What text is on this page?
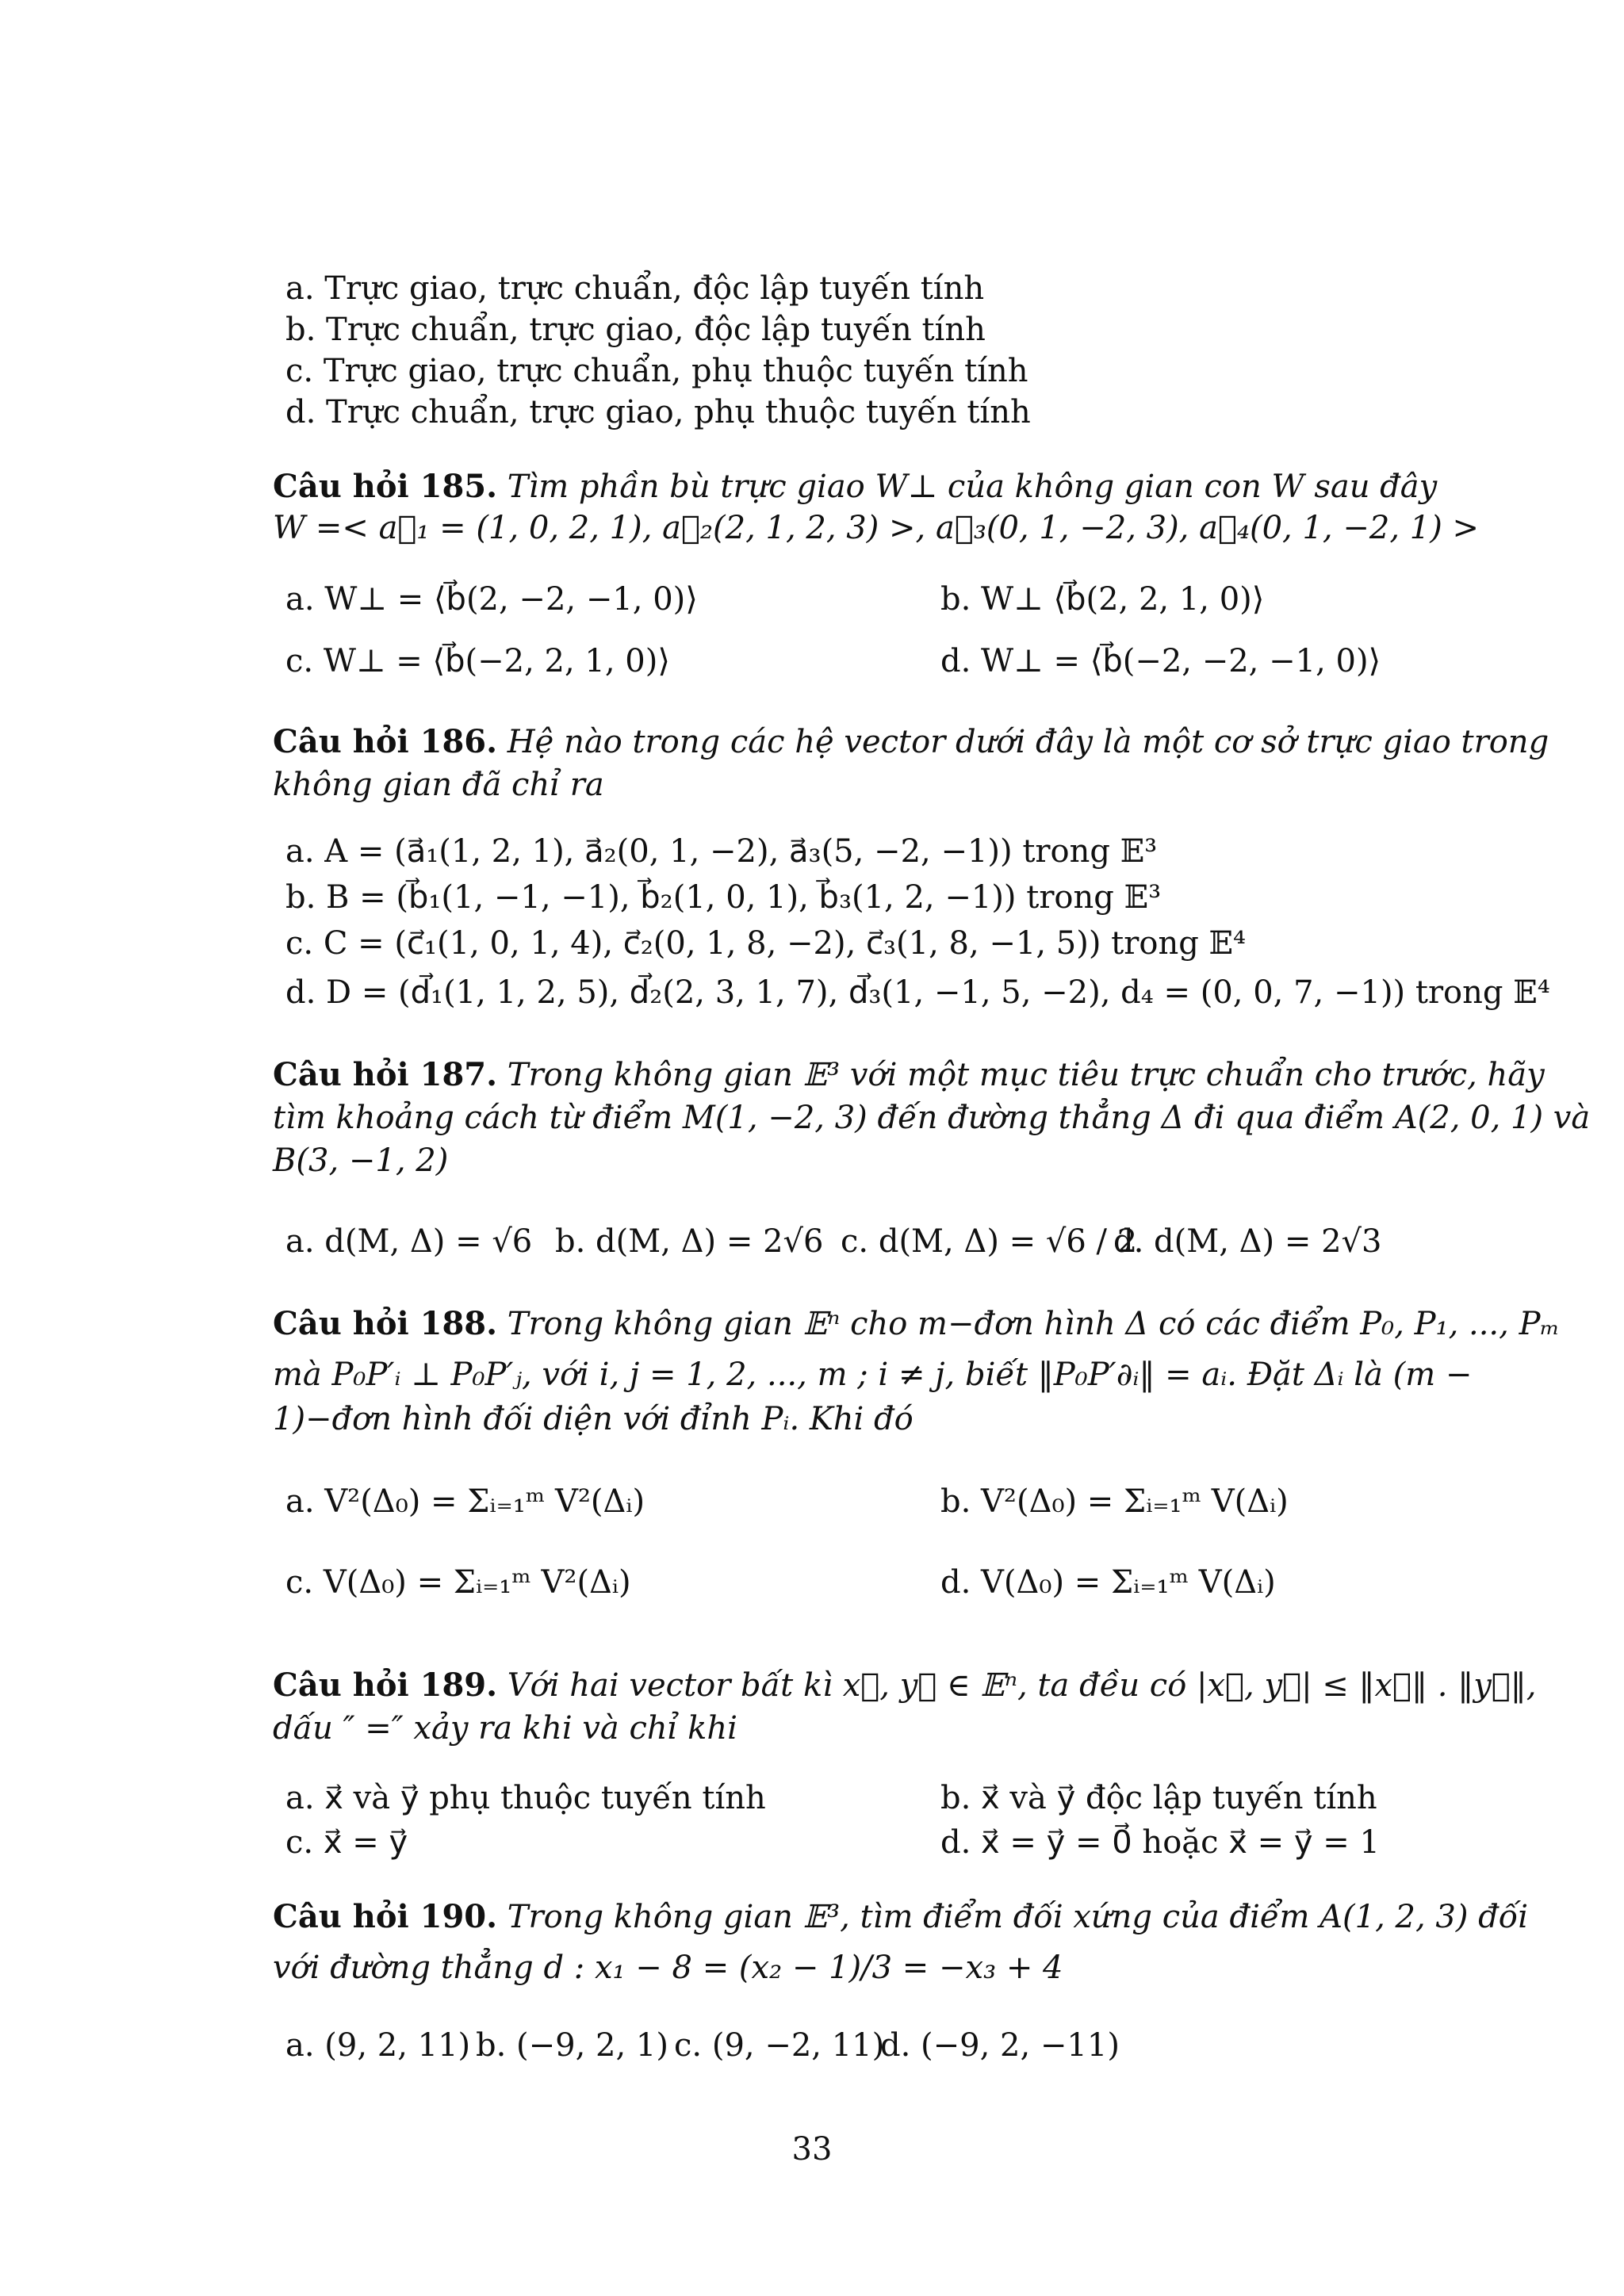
a. Trực giao, trực chuẩn, độc lập tuyến tính
b. Trực chuẩn, trực giao, độc lập tuyến tính
c. Trực giao, trực chuẩn, phụ thuộc tuyến tính
d. Trực chuẩn, trực giao, phụ thuộc tuyến tính
Câu hỏi 185. Tìm phần bù trực giao W⊥ của không gian con W sau đây
W =< a⃗₁ = (1, 0, 2, 1), a⃗₂(2, 1, 2, 3) >, a⃗₃(0, 1, −2, 3), a⃗₄(0, 1, −2, 1) >
a. W⊥ = ⟨b⃗(2, −2, −1, 0)⟩	b. W⊥ ⟨b⃗(2, 2, 1, 0)⟩
c. W⊥ = ⟨b⃗(−2, 2, 1, 0)⟩	d. W⊥ = ⟨b⃗(−2, −2, −1, 0)⟩
Câu hỏi 186. Hệ nào trong các hệ vector dưới đây là một cơ sở trực giao trong
không gian đã chỉ ra
a. A = (a⃗₁(1, 2, 1), a⃗₂(0, 1, −2), a⃗₃(5, −2, −1)) trong 𝔼³
b. B = (b⃗₁(1, −1, −1), b⃗₂(1, 0, 1), b⃗₃(1, 2, −1)) trong 𝔼³
c. C = (c⃗₁(1, 0, 1, 4), c⃗₂(0, 1, 8, −2), c⃗₃(1, 8, −1, 5)) trong 𝔼⁴
d. D = (d⃗₁(1, 1, 2, 5), d⃗₂(2, 3, 1, 7), d⃗₃(1, −1, 5, −2), d₄ = (0, 0, 7, −1)) trong 𝔼⁴
Câu hỏi 187. Trong không gian 𝔼³ với một mục tiêu trực chuẩn cho trước, hãy
tìm khoảng cách từ điểm M(1, −2, 3) đến đường thẳng Δ đi qua điểm A(2, 0, 1) và
B(3, −1, 2)
a. d(M, Δ) = √6 b. d(M, Δ) = 2√6 c. d(M, Δ) = √6 / 2
d. d(M, Δ) = 2√3
Câu hỏi 188. Trong không gian 𝔼ⁿ cho m−đơn hình Δ có các điểm P₀, P₁, ..., Pₘ
mà P₀P′ᵢ ⊥ P₀P′ⱼ, với i, j = 1, 2, ..., m ; i ≠ j, biết ‖P₀P′∂ᵢ‖ = aᵢ. Đặt Δᵢ là (m −
1)−đơn hình đối diện với đỉnh Pᵢ. Khi đó
a. V²(Δ₀) = Σᵢ₌₁ᵐ V²(Δᵢ)	b. V²(Δ₀) = Σᵢ₌₁ᵐ V(Δᵢ)
c. V(Δ₀) = Σᵢ₌₁ᵐ V²(Δᵢ)	d. V(Δ₀) = Σᵢ₌₁ᵐ V(Δᵢ)
Câu hỏi 189. Với hai vector bất kì x⃗, y⃗ ∈ 𝔼ⁿ, ta đều có |x⃗, y⃗| ≤ ‖x⃗‖ . ‖y⃗‖,
dấu ″ =″ xảy ra khi và chỉ khi
a. x⃗ và y⃗ phụ thuộc tuyến tính	b. x⃗ và y⃗ độc lập tuyến tính
c. x⃗ = y⃗	d. x⃗ = y⃗ = 0⃗ hoặc x⃗ = y⃗ = 1
Câu hỏi 190. Trong không gian 𝔼³, tìm điểm đối xứng của điểm A(1, 2, 3) đối
với đường thẳng d : x₁ − 8 = (x₂ − 1)/3 = −x₃ + 4
a. (9, 2, 11) b. (−9, 2, 1) c. (9, −2, 11)
d. (−9, 2, −11)
33
